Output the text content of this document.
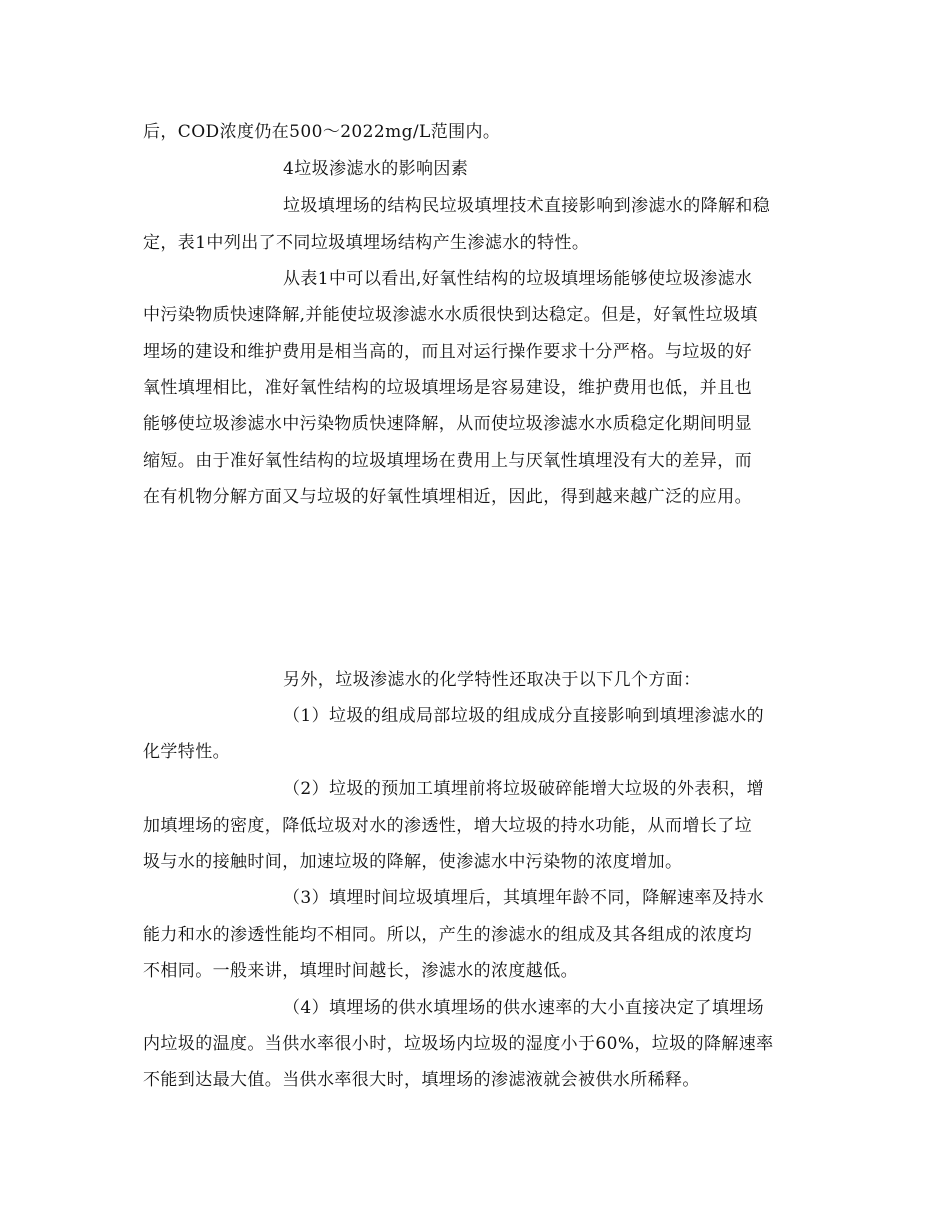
后，COD浓度仍在500～2022mg/L范围内。
4垃圾渗滤水的影响因素
垃圾填埋场的结构民垃圾填埋技术直接影响到渗滤水的降解和稳
定，表1中列出了不同垃圾填埋场结构产生渗滤水的特性。
从表1中可以看出,好氧性结构的垃圾填埋场能够使垃圾渗滤水
中污染物质快速降解,并能使垃圾渗滤水水质很快到达稳定。但是，好氧性垃圾填
埋场的建设和维护费用是相当高的，而且对运行操作要求十分严格。与垃圾的好
氧性填埋相比，准好氧性结构的垃圾填埋场是容易建设，维护费用也低，并且也
能够使垃圾渗滤水中污染物质快速降解，从而使垃圾渗滤水水质稳定化期间明显
缩短。由于准好氧性结构的垃圾填埋场在费用上与厌氧性填埋没有大的差异，而
在有机物分解方面又与垃圾的好氧性填埋相近，因此，得到越来越广泛的应用。
另外，垃圾渗滤水的化学特性还取决于以下几个方面：
（1）垃圾的组成局部垃圾的组成成分直接影响到填埋渗滤水的
化学特性。
（2）垃圾的预加工填埋前将垃圾破碎能增大垃圾的外表积，增
加填埋场的密度，降低垃圾对水的渗透性，增大垃圾的持水功能，从而增长了垃
圾与水的接触时间，加速垃圾的降解，使渗滤水中污染物的浓度增加。
（3）填埋时间垃圾填埋后，其填埋年龄不同，降解速率及持水
能力和水的渗透性能均不相同。所以，产生的渗滤水的组成及其各组成的浓度均
不相同。一般来讲，填埋时间越长，渗滤水的浓度越低。
（4）填埋场的供水填埋场的供水速率的大小直接决定了填埋场
内垃圾的温度。当供水率很小时，垃圾场内垃圾的湿度小于60%，垃圾的降解速率
不能到达最大值。当供水率很大时，填埋场的渗滤液就会被供水所稀释。
